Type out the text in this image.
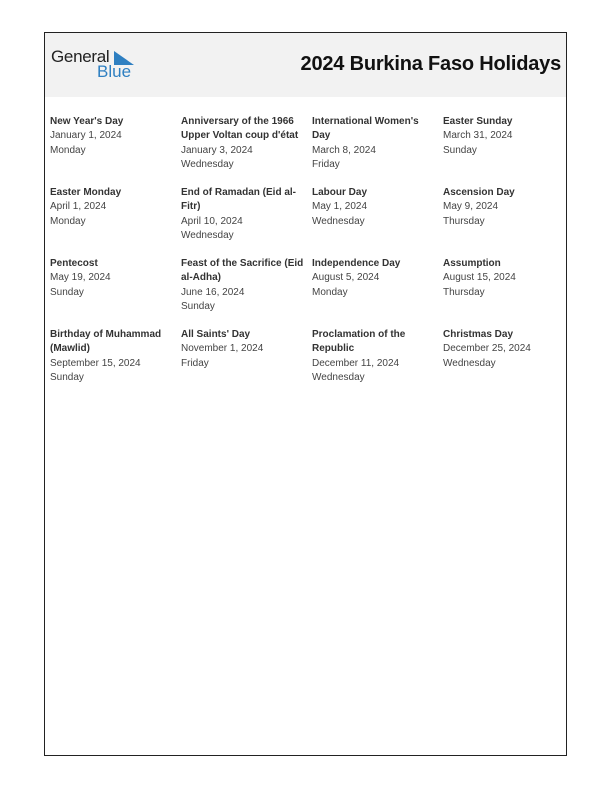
General
Blue	2024 Burkina Faso Holidays
New Year's Day
January 1, 2024
Monday
Anniversary of the 1966 Upper Voltan coup d'état
January 3, 2024
Wednesday
International Women's Day
March 8, 2024
Friday
Easter Sunday
March 31, 2024
Sunday
Easter Monday
April 1, 2024
Monday
End of Ramadan (Eid al-Fitr)
April 10, 2024
Wednesday
Labour Day
May 1, 2024
Wednesday
Ascension Day
May 9, 2024
Thursday
Pentecost
May 19, 2024
Sunday
Feast of the Sacrifice (Eid al-Adha)
June 16, 2024
Sunday
Independence Day
August 5, 2024
Monday
Assumption
August 15, 2024
Thursday
Birthday of Muhammad (Mawlid)
September 15, 2024
Sunday
All Saints' Day
November 1, 2024
Friday
Proclamation of the Republic
December 11, 2024
Wednesday
Christmas Day
December 25, 2024
Wednesday
